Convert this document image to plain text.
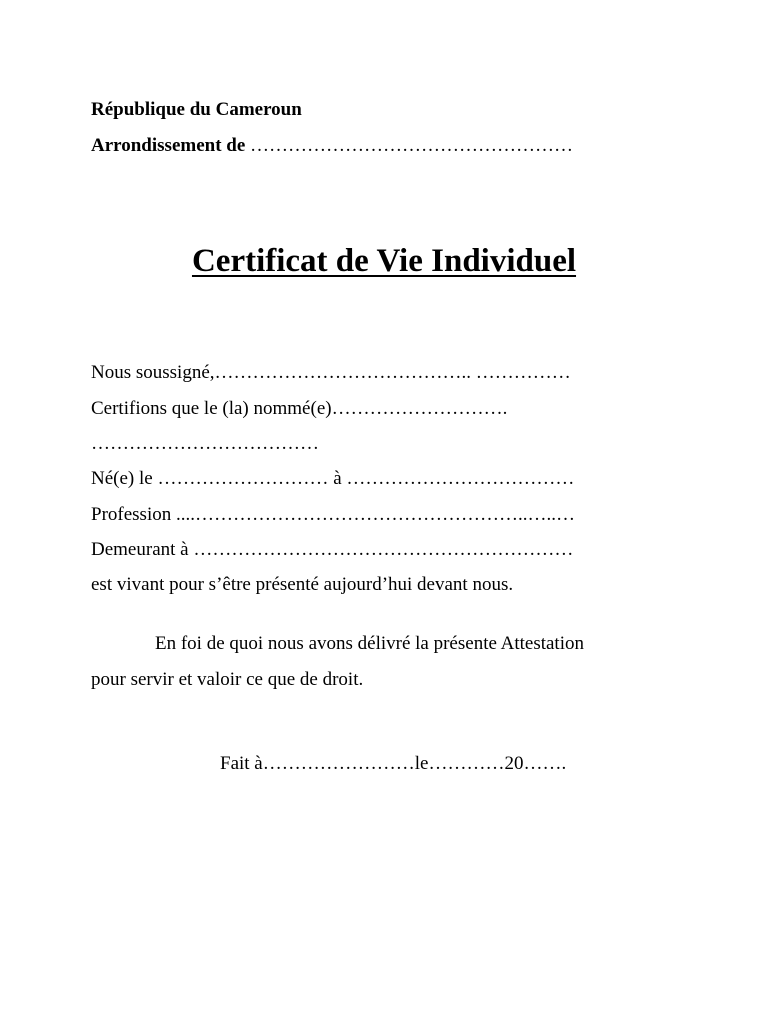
République du Cameroun
Arrondissement de ……………………………………………
Certificat de Vie Individuel
Nous soussigné,………………………………….. ……………
Certifions que le (la) nommé(e)……………………….
………………………………
Né(e) le ……………………… à ………………………………
Profession ....……………………………………………..…..…
Demeurant à ……………………………………………………
est vivant pour s’être présenté aujourd’hui devant nous.
En foi de quoi nous avons délivré la présente Attestation
pour servir et valoir ce que de droit.
Fait à……………………le…………20…….
